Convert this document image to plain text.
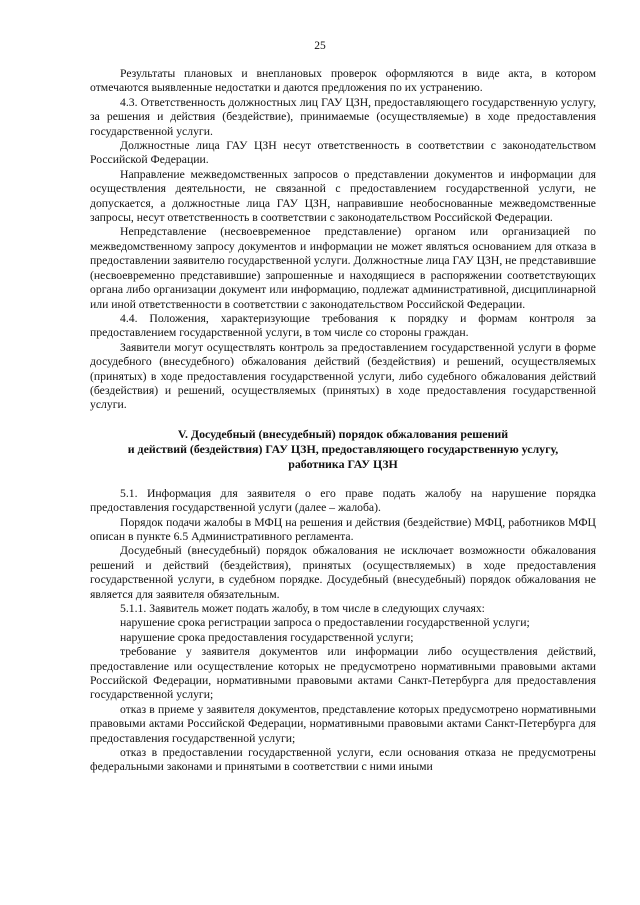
25

Результаты плановых и внеплановых проверок оформляются в виде акта, в котором отмечаются выявленные недостатки и даются предложения по их устранению.

4.3. Ответственность должностных лиц ГАУ ЦЗН, предоставляющего государственную услугу, за решения и действия (бездействие), принимаемые (осуществляемые) в ходе предоставления государственной услуги.

Должностные лица ГАУ ЦЗН несут ответственность в соответствии с законодательством Российской Федерации.

Направление межведомственных запросов о представлении документов и информации для осуществления деятельности, не связанной с предоставлением государственной услуги, не допускается, а должностные лица ГАУ ЦЗН, направившие необоснованные межведомственные запросы, несут ответственность в соответствии с законодательством Российской Федерации.

Непредставление (несвоевременное представление) органом или организацией по межведомственному запросу документов и информации не может являться основанием для отказа в предоставлении заявителю государственной услуги. Должностные лица ГАУ ЦЗН, не представившие (несвоевременно представившие) запрошенные и находящиеся в распоряжении соответствующих органа либо организации документ или информацию, подлежат административной, дисциплинарной или иной ответственности в соответствии с законодательством Российской Федерации.

4.4. Положения, характеризующие требования к порядку и формам контроля за предоставлением государственной услуги, в том числе со стороны граждан.

Заявители могут осуществлять контроль за предоставлением государственной услуги в форме досудебного (внесудебного) обжалования действий (бездействия) и решений, осуществляемых (принятых) в ходе предоставления государственной услуги, либо судебного обжалования действий (бездействия) и решений, осуществляемых (принятых) в ходе предоставления государственной услуги.

V. Досудебный (внесудебный) порядок обжалования решений
и действий (бездействия) ГАУ ЦЗН, предоставляющего государственную услугу,
работника ГАУ ЦЗН

5.1. Информация для заявителя о его праве подать жалобу на нарушение порядка предоставления государственной услуги (далее – жалоба).

Порядок подачи жалобы в МФЦ на решения и действия (бездействие) МФЦ, работников МФЦ описан в пункте 6.5 Административного регламента.

Досудебный (внесудебный) порядок обжалования не исключает возможности обжалования решений и действий (бездействия), принятых (осуществляемых) в ходе предоставления государственной услуги, в судебном порядке. Досудебный (внесудебный) порядок обжалования не является для заявителя обязательным.

5.1.1. Заявитель может подать жалобу, в том числе в следующих случаях:

нарушение срока регистрации запроса о предоставлении государственной услуги;

нарушение срока предоставления государственной услуги;

требование у заявителя документов или информации либо осуществления действий, предоставление или осуществление которых не предусмотрено нормативными правовыми актами Российской Федерации, нормативными правовыми актами Санкт-Петербурга для предоставления государственной услуги;

отказ в приеме у заявителя документов, представление которых предусмотрено нормативными правовыми актами Российской Федерации, нормативными правовыми актами Санкт-Петербурга для предоставления государственной услуги;

отказ в предоставлении государственной услуги, если основания отказа не предусмотрены федеральными законами и принятыми в соответствии с ними иными
